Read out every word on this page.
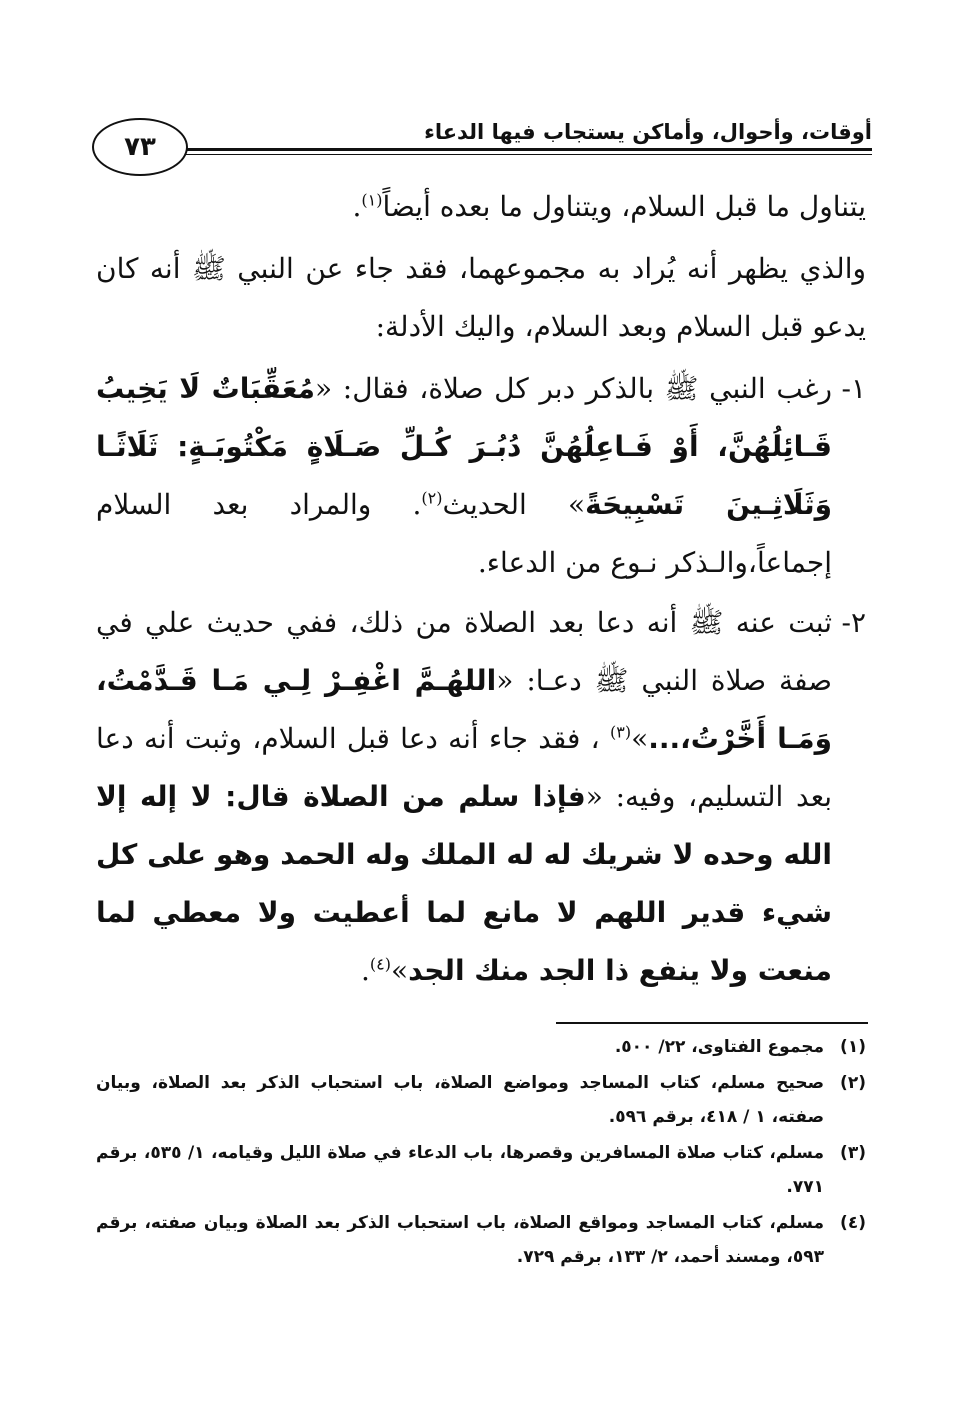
٧٣	أوقات، وأحوال، وأماكن يستجاب فيها الدعاء

يتناول ما قبل السلام، ويتناول ما بعده أيضاً$^{(١)}$.

والذي يظهر أنه يُراد به مجموعهما، فقد جاء عن النبي ﷺ أنه كان يدعو قبل السلام وبعد السلام، واليك الأدلة:

١-
رغب النبي ﷺ بالذكر دبر كل صلاة، فقال: «مُعَقِّبَاتٌ لَا يَخِيبُ قَـائِلُهُنَّ، أَوْ فَـاعِلُهُنَّ دُبُـرَ كُـلِّ صَـلَاةٍ مَكْتُوبَـةٍ: ثَلَاثًـا وَثَلَاثِـينَ تَسْبِيحَةً» الحديث$^{(٢)}$. والمراد بعد السلام إجماعاً،والـذكر نـوع من الدعاء.
٢-
ثبت عنه ﷺ أنه دعا بعد الصلاة من ذلك، ففي حديث علي في صفة صلاة النبي ﷺ دعـا: «اللهُـمَّ اغْفِـرْ لِـي مَـا قَـدَّمْتُ، وَمَـا أَخَّرْتُ،...»$^{(٣)}$ ، فقد جاء أنه دعا قبل السلام، وثبت أنه دعا بعد التسليم، وفيه: «فإذا سلم من الصلاة قال: لا إله إلا الله وحده لا شريك له له الملك وله الحمد وهو على كل شيء قدير اللهم لا مانع لما أعطيت ولا معطي لما منعت ولا ينفع ذا الجد منك الجد»$^{(٤)}$.
(١)
مجموع الفتاوى، ٢٢/ ٥٠٠.
(٢)
صحيح مسلم، كتاب المساجد ومواضع الصلاة، باب استحباب الذكر بعد الصلاة، وبيان صفته، ١ / ٤١٨، برقم ٥٩٦.
(٣)
مسلم، كتاب صلاة المسافرين وقصرها، باب الدعاء في صلاة الليل وقيامه، ١/ ٥٣٥، برقم ٧٧١.
(٤)
مسلم، كتاب المساجد ومواقع الصلاة، باب استحباب الذكر بعد الصلاة وبيان صفته، برقم ٥٩٣، ومسند أحمد، ٢/ ١٣٣، برقم ٧٢٩.
